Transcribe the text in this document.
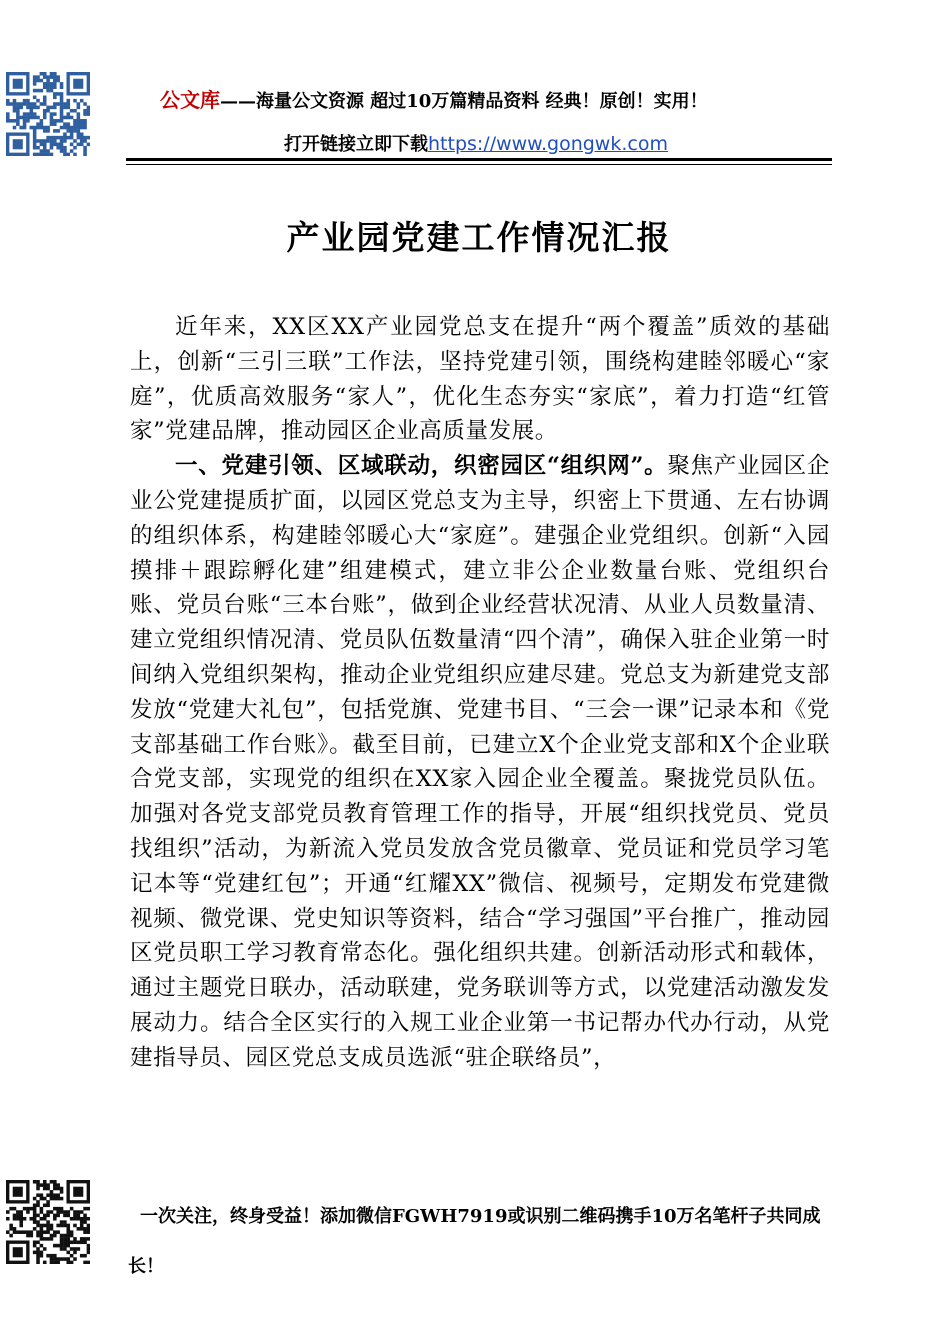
公文库——海量公文资源 超过10万篇精品资料 经典！原创！实用！
打开链接立即下载https://www.gongwk.com
产业园党建工作情况汇报

近年来，XX区XX产业园党总支在提升“两个覆盖”质效的基础上，创新“三引三联”工作法，坚持党建引领，围绕构建睦邻暖心“家庭”，优质高效服务“家人”，优化生态夯实“家底”，着力打造“红管家”党建品牌，推动园区企业高质量发展。

一、党建引领、区域联动，织密园区“组织网”。聚焦产业园区企业公党建提质扩面，以园区党总支为主导，织密上下贯通、左右协调的组织体系，构建睦邻暖心大“家庭”。建强企业党组织。创新“入园摸排＋跟踪孵化建”组建模式，建立非公企业数量台账、党组织台账、党员台账“三本台账”，做到企业经营状况清、从业人员数量清、建立党组织情况清、党员队伍数量清“四个清”，确保入驻企业第一时间纳入党组织架构，推动企业党组织应建尽建。党总支为新建党支部发放“党建大礼包”，包括党旗、党建书目、“三会一课”记录本和《党支部基础工作台账》。截至目前，已建立X个企业党支部和X个企业联合党支部，实现党的组织在XX家入园企业全覆盖。聚拢党员队伍。加强对各党支部党员教育管理工作的指导，开展“组织找党员、党员找组织”活动，为新流入党员发放含党员徽章、党员证和党员学习笔记本等“党建红包”；开通“红耀XX”微信、视频号，定期发布党建微视频、微党课、党史知识等资料，结合“学习强国”平台推广，推动园区党员职工学习教育常态化。强化组织共建。创新活动形式和载体，通过主题党日联办，活动联建，党务联训等方式，以党建活动激发发展动力。结合全区实行的入规工业企业第一书记帮办代办行动，从党建指导员、园区党总支成员选派“驻企联络员”，

一次关注，终身受益！添加微信FGWH7919或识别二维码携手10万名笔杆子共同成长！
